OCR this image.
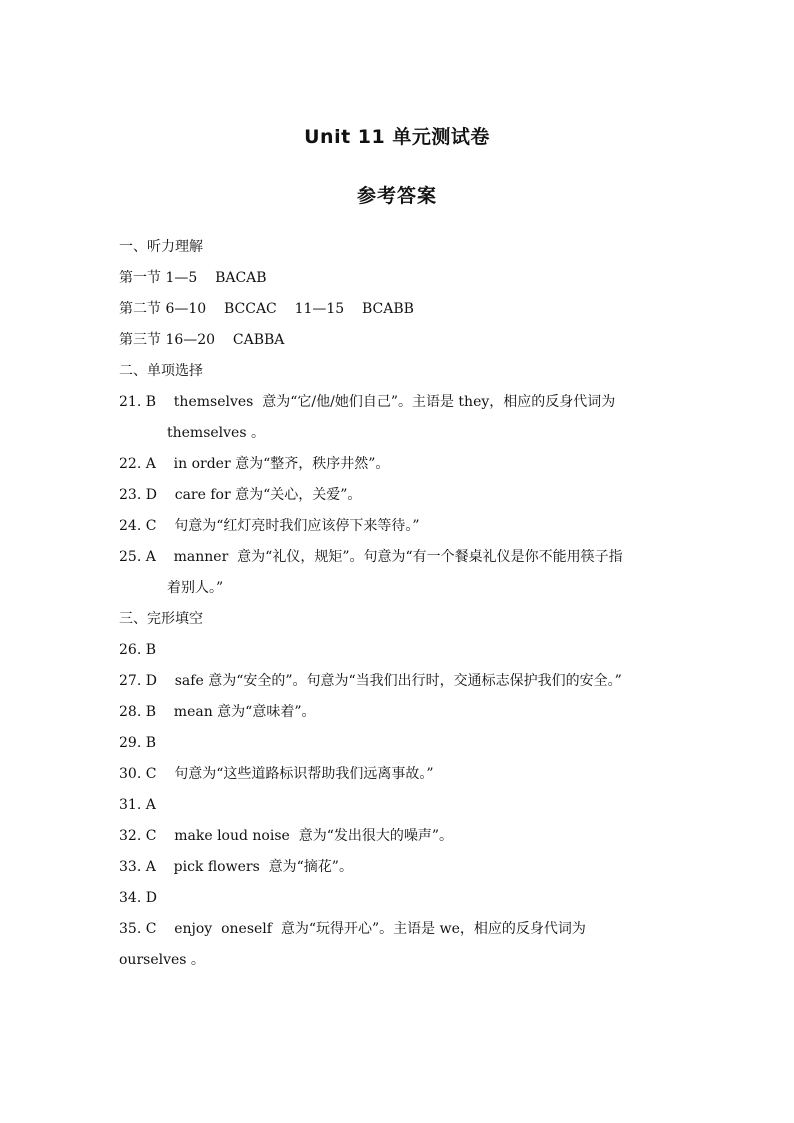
Unit 11 单元测试卷
参考答案
一、听力理解
第一节 1—5    BACAB
第二节 6—10    BCCAC    11—15    BCABB
第三节 16—20    CABBA
二、单项选择
21. B    themselves  意为“它/他/她们自己”。主语是 they，相应的反身代词为
themselves 。
22. A    in order 意为“整齐，秩序井然”。
23. D    care for 意为“关心，关爱”。
24. C    句意为“红灯亮时我们应该停下来等待。”
25. A    manner  意为“礼仪，规矩”。句意为“有一个餐桌礼仪是你不能用筷子指
着别人。”
三、完形填空
26. B
27. D    safe 意为“安全的”。句意为“当我们出行时，交通标志保护我们的安全。”
28. B    mean 意为“意味着”。
29. B
30. C    句意为“这些道路标识帮助我们远离事故。”
31. A
32. C    make loud noise  意为“发出很大的噪声”。
33. A    pick flowers  意为“摘花”。
34. D
35. C    enjoy  oneself  意为“玩得开心”。主语是 we，相应的反身代词为
ourselves 。
